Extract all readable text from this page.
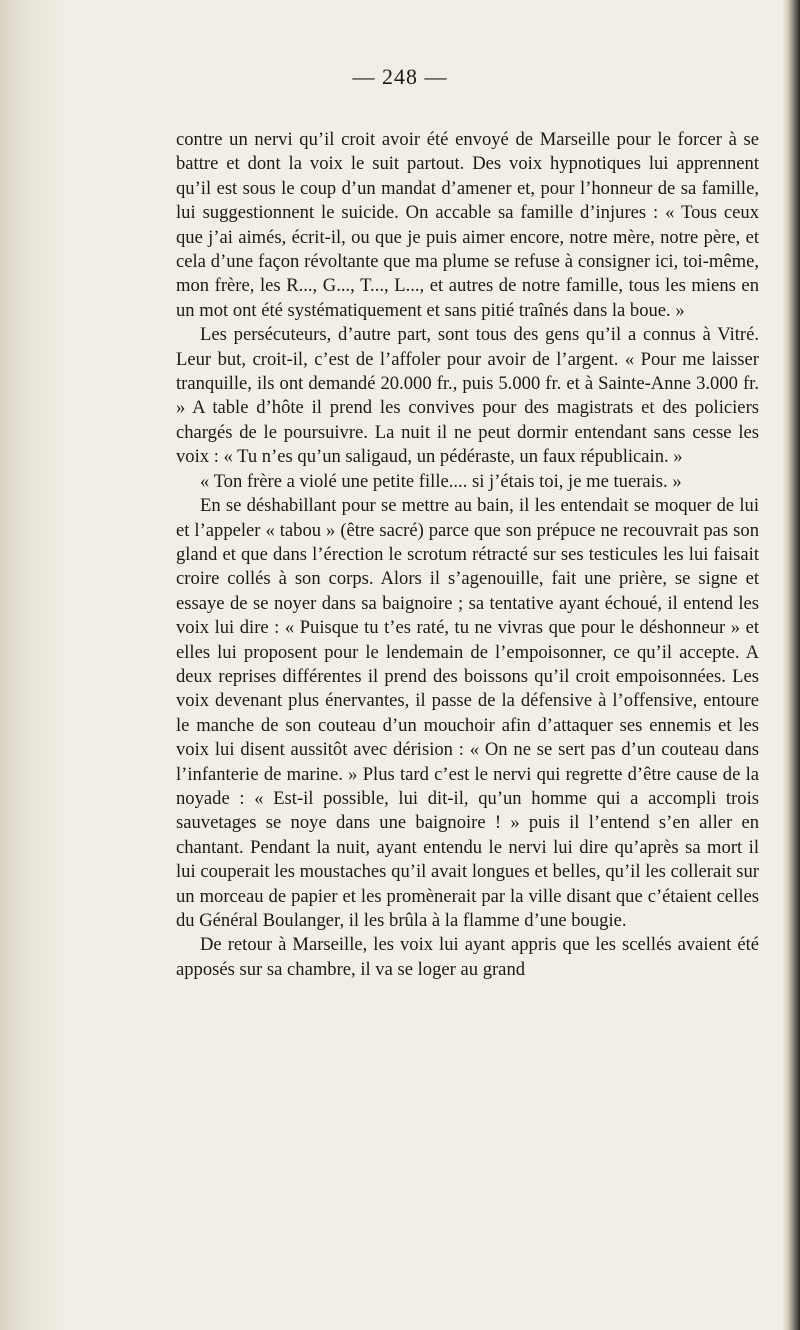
— 248 —

contre un nervi qu’il croit avoir été envoyé de Marseille pour le forcer à se battre et dont la voix le suit partout. Des voix hypnotiques lui apprennent qu’il est sous le coup d’un mandat d’amener et, pour l’honneur de sa famille, lui suggestionnent le suicide. On accable sa famille d’injures : « Tous ceux que j’ai aimés, écrit-il, ou que je puis aimer encore, notre mère, notre père, et cela d’une façon révoltante que ma plume se refuse à consigner ici, toi-même, mon frère, les R..., G..., T..., L..., et autres de notre famille, tous les miens en un mot ont été systématiquement et sans pitié traînés dans la boue. »

Les persécuteurs, d’autre part, sont tous des gens qu’il a connus à Vitré. Leur but, croit-il, c’est de l’affoler pour avoir de l’argent. « Pour me laisser tranquille, ils ont demandé 20.000 fr., puis 5.000 fr. et à Sainte-Anne 3.000 fr. » A table d’hôte il prend les convives pour des magistrats et des policiers chargés de le poursuivre. La nuit il ne peut dormir entendant sans cesse les voix : « Tu n’es qu’un saligaud, un pédéraste, un faux républicain. »

« Ton frère a violé une petite fille.... si j’étais toi, je me tuerais. »

En se déshabillant pour se mettre au bain, il les entendait se moquer de lui et l’appeler « tabou » (être sacré) parce que son prépuce ne recouvrait pas son gland et que dans l’érection le scrotum rétracté sur ses testicules les lui faisait croire collés à son corps. Alors il s’agenouille, fait une prière, se signe et essaye de se noyer dans sa baignoire ; sa tentative ayant échoué, il entend les voix lui dire : « Puisque tu t’es raté, tu ne vivras que pour le déshonneur » et elles lui proposent pour le lendemain de l’empoisonner, ce qu’il accepte. A deux reprises différentes il prend des boissons qu’il croit empoisonnées. Les voix devenant plus énervantes, il passe de la défensive à l’offensive, entoure le manche de son couteau d’un mouchoir afin d’attaquer ses ennemis et les voix lui disent aussitôt avec dérision : « On ne se sert pas d’un couteau dans l’infanterie de marine. » Plus tard c’est le nervi qui regrette d’être cause de la noyade : « Est-il possible, lui dit-il, qu’un homme qui a accompli trois sauvetages se noye dans une baignoire ! » puis il l’entend s’en aller en chantant. Pendant la nuit, ayant entendu le nervi lui dire qu’après sa mort il lui couperait les moustaches qu’il avait longues et belles, qu’il les collerait sur un morceau de papier et les promènerait par la ville disant que c’étaient celles du Général Boulanger, il les brûla à la flamme d’une bougie.

De retour à Marseille, les voix lui ayant appris que les scellés avaient été apposés sur sa chambre, il va se loger au grand
